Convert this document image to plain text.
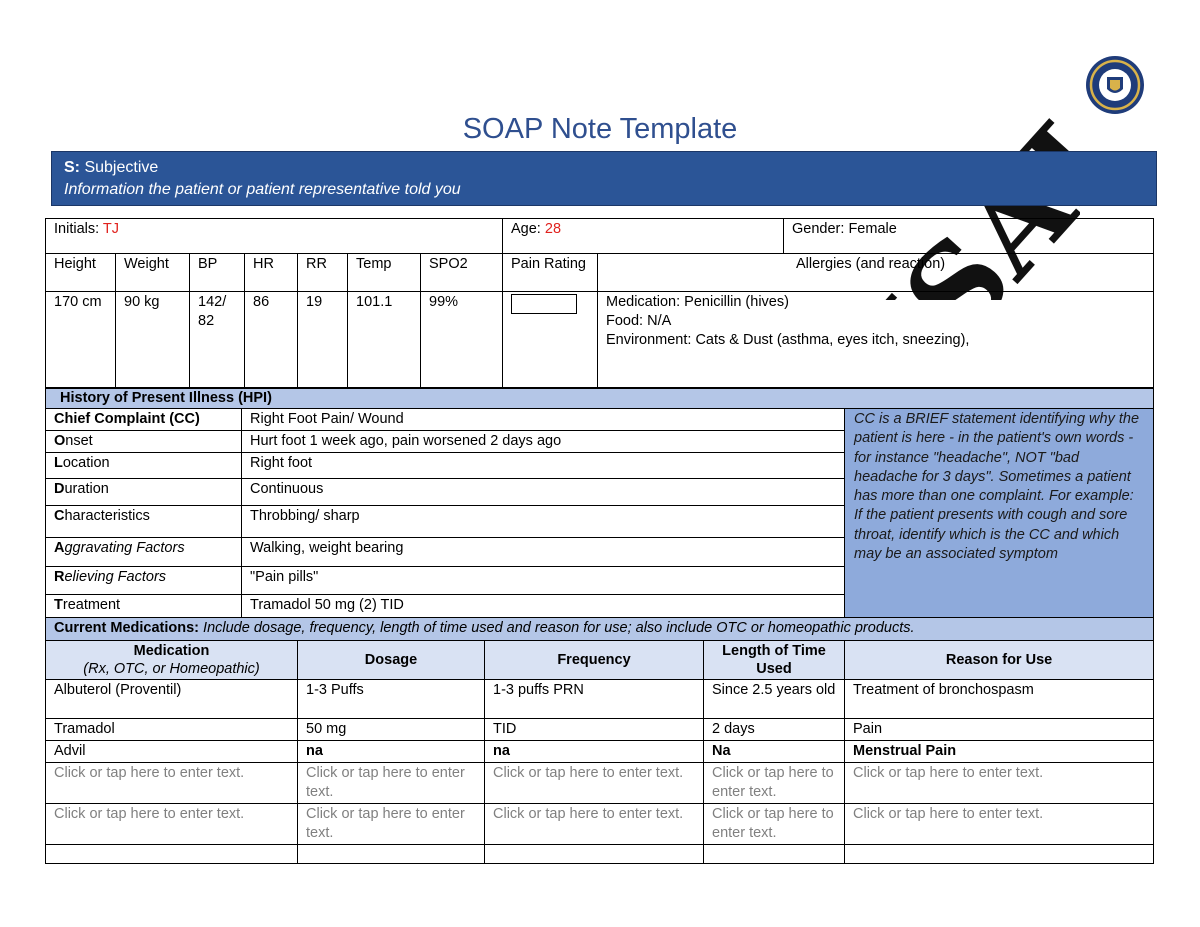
SOAP Note Template
S: Subjective
Information the patient or patient representative told you
Initials: TJ							Age: 28		Gender: Female
Height	Weight	BP	HR	RR	Temp	SPO2	Pain Rating	Allergies (and reaction)	
170 cm	90 kg	142/ 82	86	19	101.1	99%		Medication: Penicillin (hives)
Food: N/A
Environment: Cats & Dust (asthma, eyes itch, sneezing),	
History of Present Illness (HPI)					
Chief Complaint (CC)	Right Foot Pain/ Wound				CC is a BRIEF statement identifying why the patient is here - in the patient's own words - for instance "headache", NOT "bad headache for 3 days". Sometimes a patient has more than one complaint. For example: If the patient presents with cough and sore throat, identify which is the CC and which may be an associated symptom
Onset	Hurt foot 1 week ago, pain worsened 2 days ago				
Location	Right foot				
Duration	Continuous				
Characteristics	Throbbing/ sharp				
Aggravating Factors	Walking, weight bearing				
Relieving Factors	"Pain pills"				
Treatment	Tramadol 50 mg (2) TID				
Current Medications: Include dosage, frequency, length of time used and reason for use; also include OTC or homeopathic products.					
Medication
(Rx, OTC, or Homeopathic)		Dosage	Frequency	Length of Time Used	Reason for Use
Albuterol (Proventil)		1-3 Puffs	1-3 puffs PRN	Since 2.5 years old	Treatment of bronchospasm
Tramadol		50 mg	TID	2 days	Pain
Advil		na	na	Na	Menstrual Pain
Click or tap here to enter text.		Click or tap here to enter text.	Click or tap here to enter text.	Click or tap here to enter text.	Click or tap here to enter text.
Click or tap here to enter text.		Click or tap here to enter text.	Click or tap here to enter text.	Click or tap here to enter text.	Click or tap here to enter text.
